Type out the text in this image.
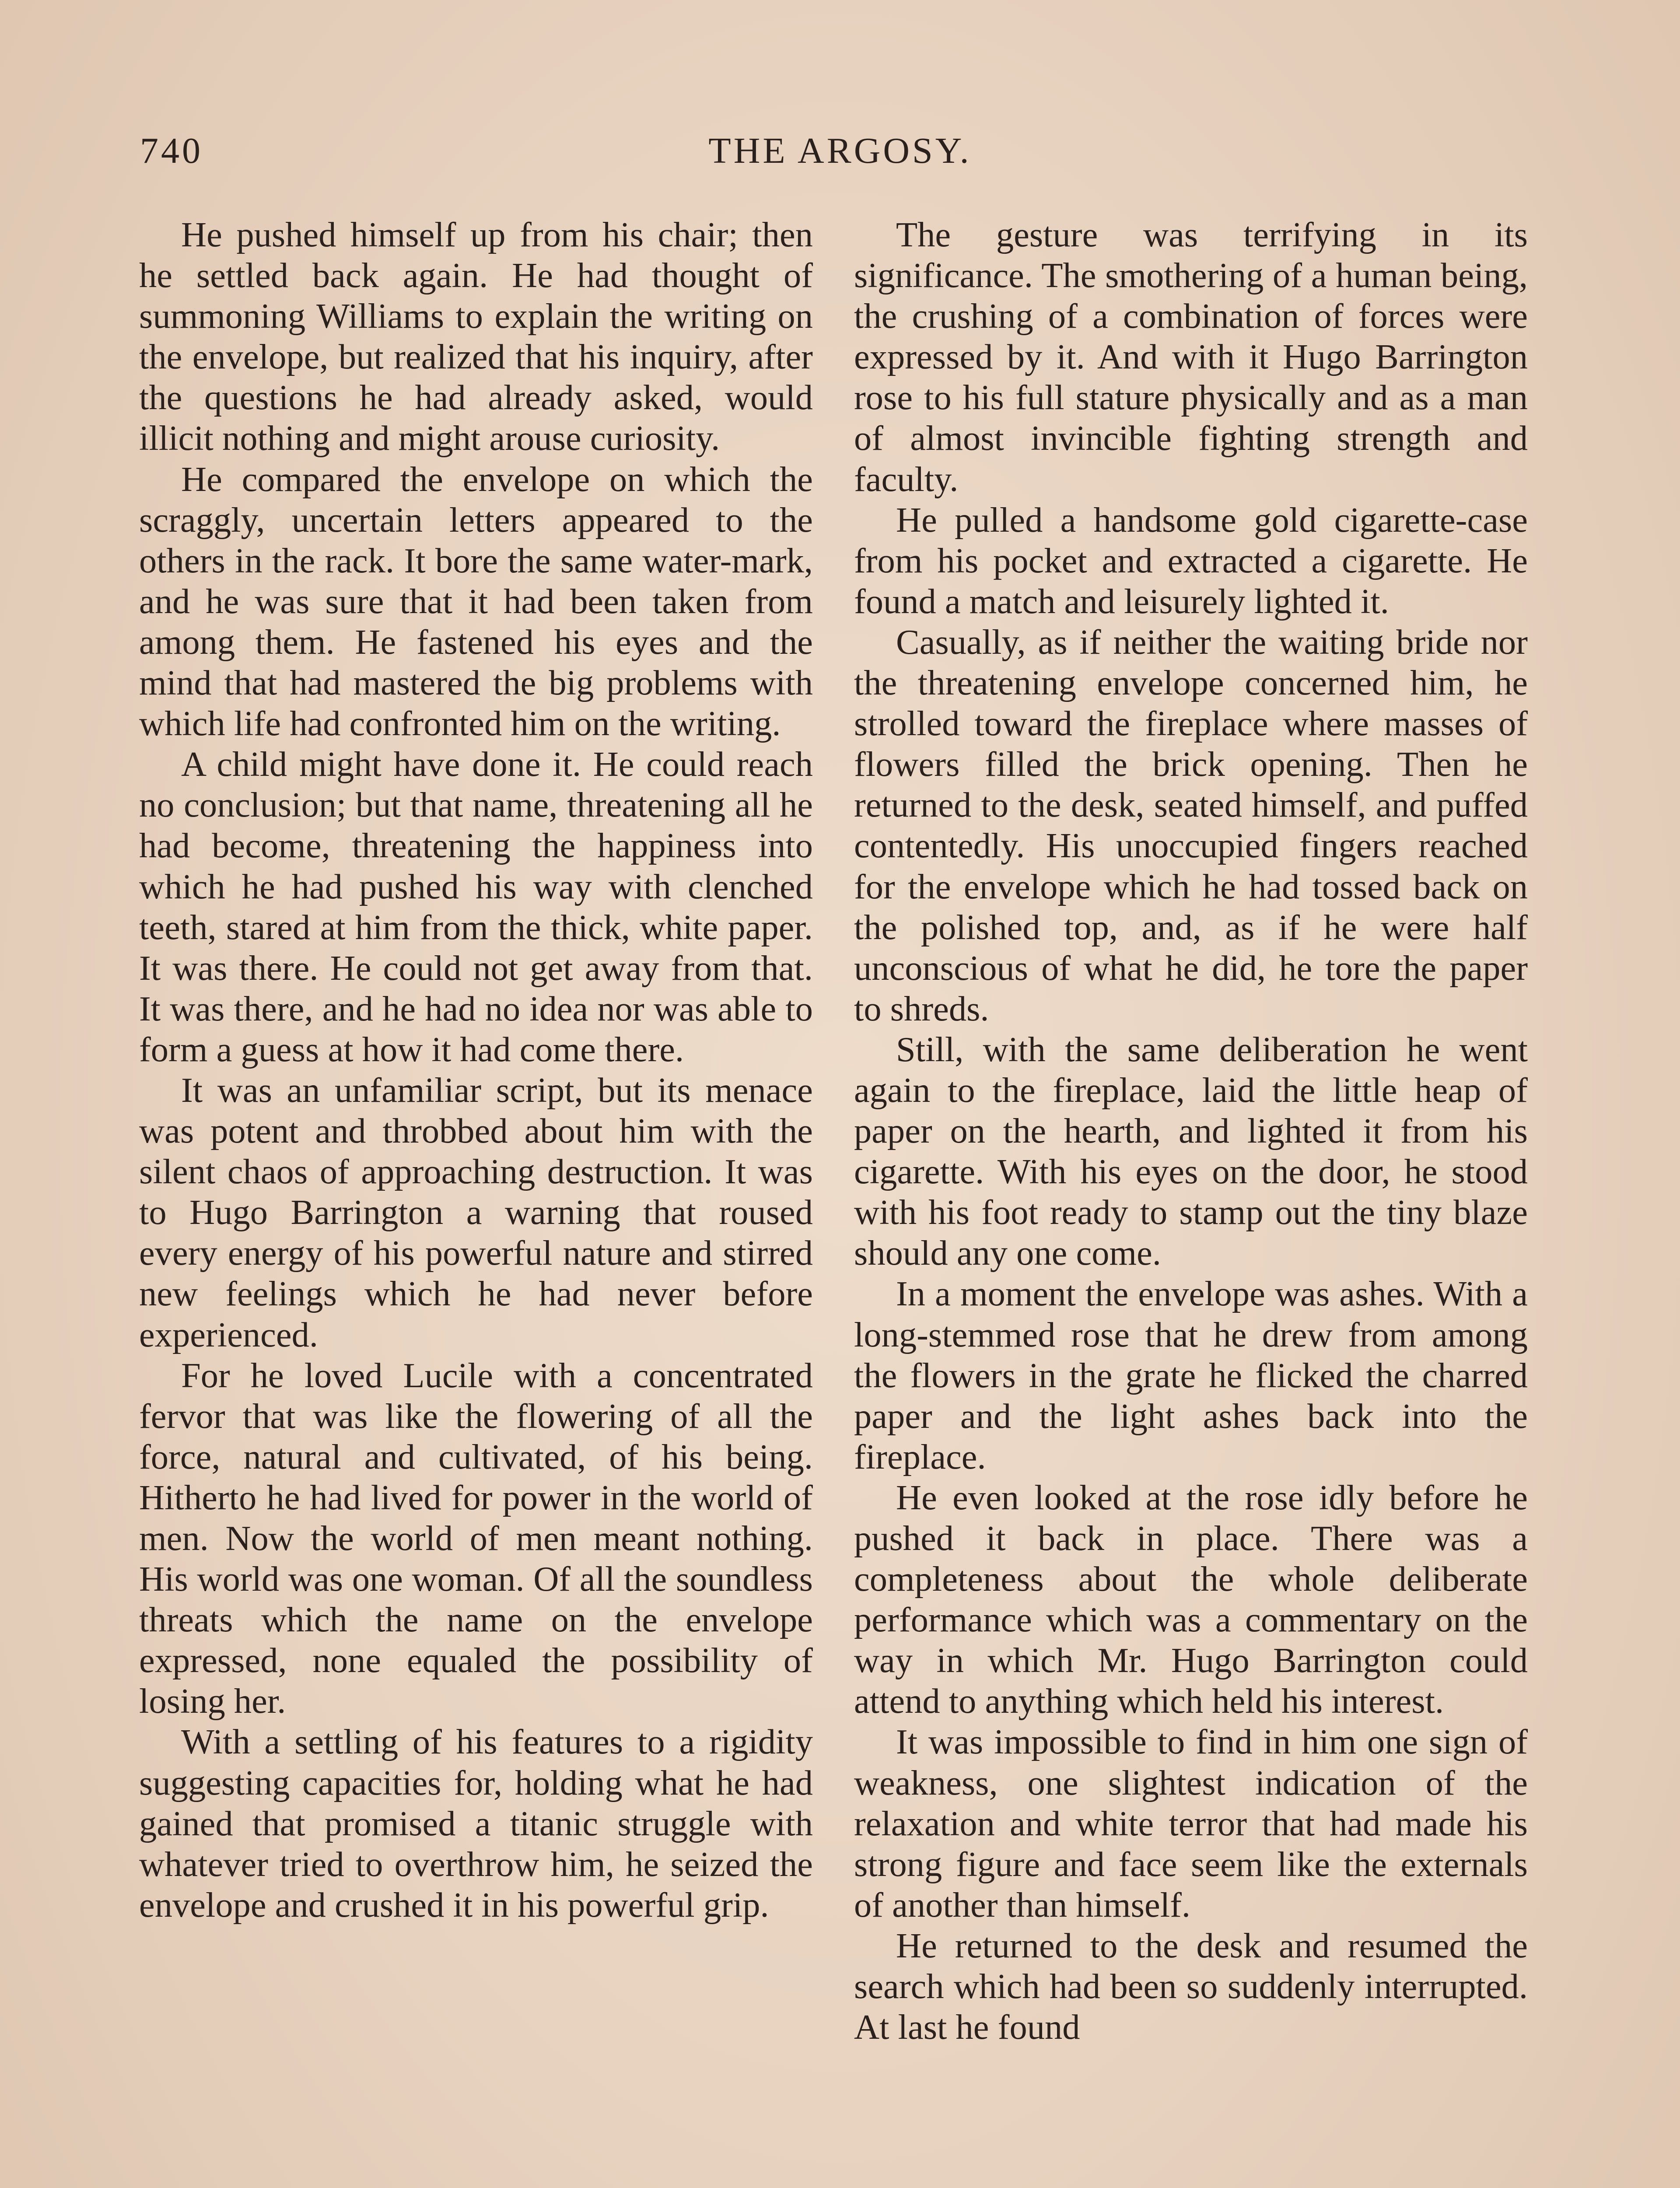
740	THE ARGOSY.

He pushed himself up from his chair; then he settled back again. He had thought of summoning Williams to explain the writing on the envelope, but realized that his inquiry, after the questions he had already asked, would illicit nothing and might arouse curiosity.

He compared the envelope on which the scraggly, uncertain letters appeared to the others in the rack. It bore the same water-mark, and he was sure that it had been taken from among them. He fastened his eyes and the mind that had mastered the big problems with which life had confronted him on the writing.

A child might have done it. He could reach no conclusion; but that name, threatening all he had become, threatening the happiness into which he had pushed his way with clenched teeth, stared at him from the thick, white paper. It was there. He could not get away from that. It was there, and he had no idea nor was able to form a guess at how it had come there.

It was an unfamiliar script, but its menace was potent and throbbed about him with the silent chaos of approaching destruction. It was to Hugo Barrington a warning that roused every energy of his powerful nature and stirred new feelings which he had never before experienced.

For he loved Lucile with a concentrated fervor that was like the flowering of all the force, natural and cultivated, of his being. Hitherto he had lived for power in the world of men. Now the world of men meant nothing. His world was one woman. Of all the soundless threats which the name on the envelope expressed, none equaled the possibility of losing her.

With a settling of his features to a rigidity suggesting capacities for, holding what he had gained that promised a titanic struggle with whatever tried to overthrow him, he seized the envelope and crushed it in his powerful grip.

The gesture was terrifying in its significance. The smothering of a human being, the crushing of a combination of forces were expressed by it. And with it Hugo Barrington rose to his full stature physically and as a man of almost invincible fighting strength and faculty.

He pulled a handsome gold cigarette-case from his pocket and extracted a cigarette. He found a match and leisurely lighted it.

Casually, as if neither the waiting bride nor the threatening envelope concerned him, he strolled toward the fireplace where masses of flowers filled the brick opening. Then he returned to the desk, seated himself, and puffed contentedly. His unoccupied fingers reached for the envelope which he had tossed back on the polished top, and, as if he were half unconscious of what he did, he tore the paper to shreds.

Still, with the same deliberation he went again to the fireplace, laid the little heap of paper on the hearth, and lighted it from his cigarette. With his eyes on the door, he stood with his foot ready to stamp out the tiny blaze should any one come.

In a moment the envelope was ashes. With a long-stemmed rose that he drew from among the flowers in the grate he flicked the charred paper and the light ashes back into the fireplace.

He even looked at the rose idly before he pushed it back in place. There was a completeness about the whole deliberate performance which was a commentary on the way in which Mr. Hugo Barrington could attend to anything which held his interest.

It was impossible to find in him one sign of weakness, one slightest indication of the relaxation and white terror that had made his strong figure and face seem like the externals of another than himself.

He returned to the desk and resumed the search which had been so suddenly interrupted. At last he found
